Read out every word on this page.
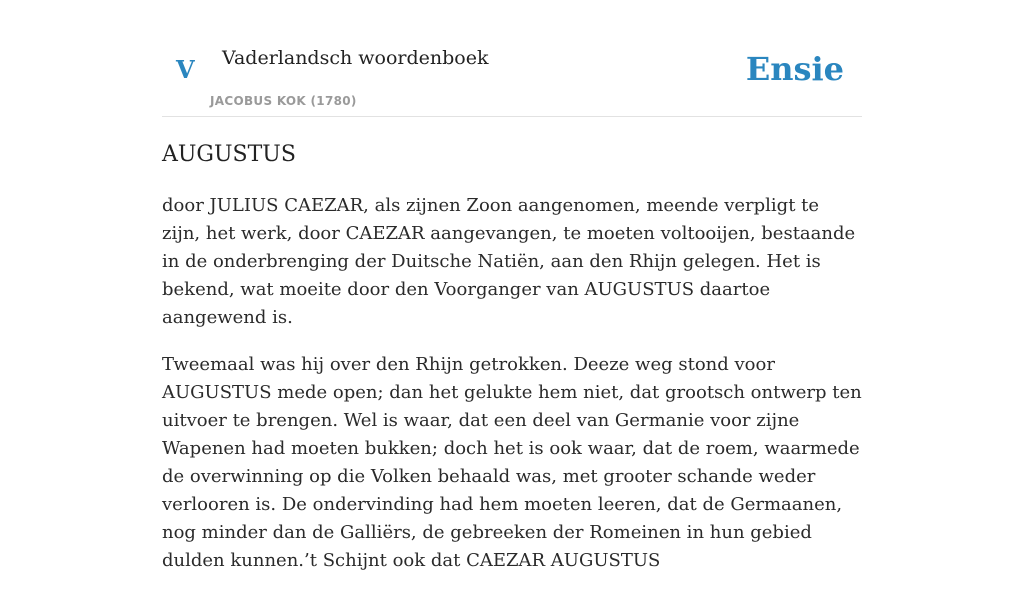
V Vaderlandsch woordenboek
JACOBUS KOK (1780)
Ensie
AUGUSTUS

door JULIUS CAEZAR, als zijnen Zoon aangenomen, meende verpligt te zijn, het werk, door CAEZAR aangevangen, te moeten voltooijen, bestaande in de onderbrenging der Duitsche Natiën, aan den Rhijn gelegen. Het is bekend, wat moeite door den Voorganger van AUGUSTUS daartoe aangewend is.

Tweemaal was hij over den Rhijn getrokken. Deeze weg stond voor AUGUSTUS mede open; dan het gelukte hem niet, dat grootsch ontwerp ten uitvoer te brengen. Wel is waar, dat een deel van Germanie voor zijne Wapenen had moeten bukken; doch het is ook waar, dat de roem, waarmede de overwinning op die Volken behaald was, met grooter schande weder verlooren is. De ondervinding had hem moeten leeren, dat de Germaanen, nog minder dan de Galliërs, de gebreeken der Romeinen in hun gebied dulden kunnen.’t Schijnt ook dat CAEZAR AUGUSTUS
